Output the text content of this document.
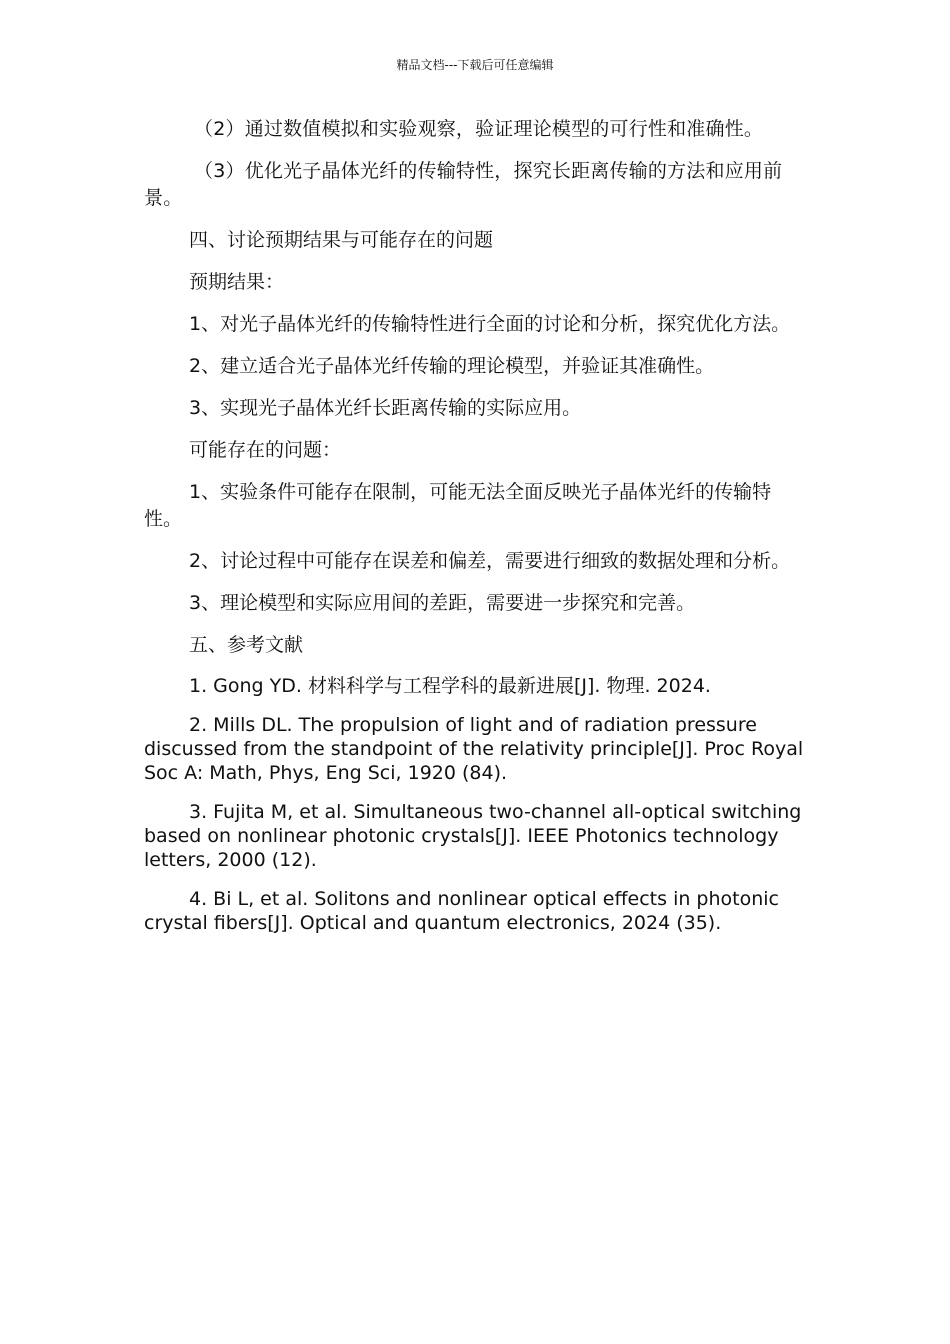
精品文档---下载后可任意编辑

（2）通过数值模拟和实验观察，验证理论模型的可行性和准确性。

（3）优化光子晶体光纤的传输特性，探究长距离传输的方法和应用前景。

四、讨论预期结果与可能存在的问题

预期结果：

1、对光子晶体光纤的传输特性进行全面的讨论和分析，探究优化方法。

2、建立适合光子晶体光纤传输的理论模型，并验证其准确性。

3、实现光子晶体光纤长距离传输的实际应用。

可能存在的问题：

1、实验条件可能存在限制，可能无法全面反映光子晶体光纤的传输特性。

2、讨论过程中可能存在误差和偏差，需要进行细致的数据处理和分析。

3、理论模型和实际应用间的差距，需要进一步探究和完善。

五、参考文献

1. Gong YD. 材料科学与工程学科的最新进展[J]. 物理. 2024.

2. Mills DL. The propulsion of light and of radiation pressure discussed from the standpoint of the relativity principle[J]. Proc Royal Soc A: Math, Phys, Eng Sci, 1920 (84).

3. Fujita M, et al. Simultaneous two-channel all-optical switching based on nonlinear photonic crystals[J]. IEEE Photonics technology letters, 2000 (12).

4. Bi L, et al. Solitons and nonlinear optical effects in photonic crystal fibers[J]. Optical and quantum electronics, 2024 (35).
